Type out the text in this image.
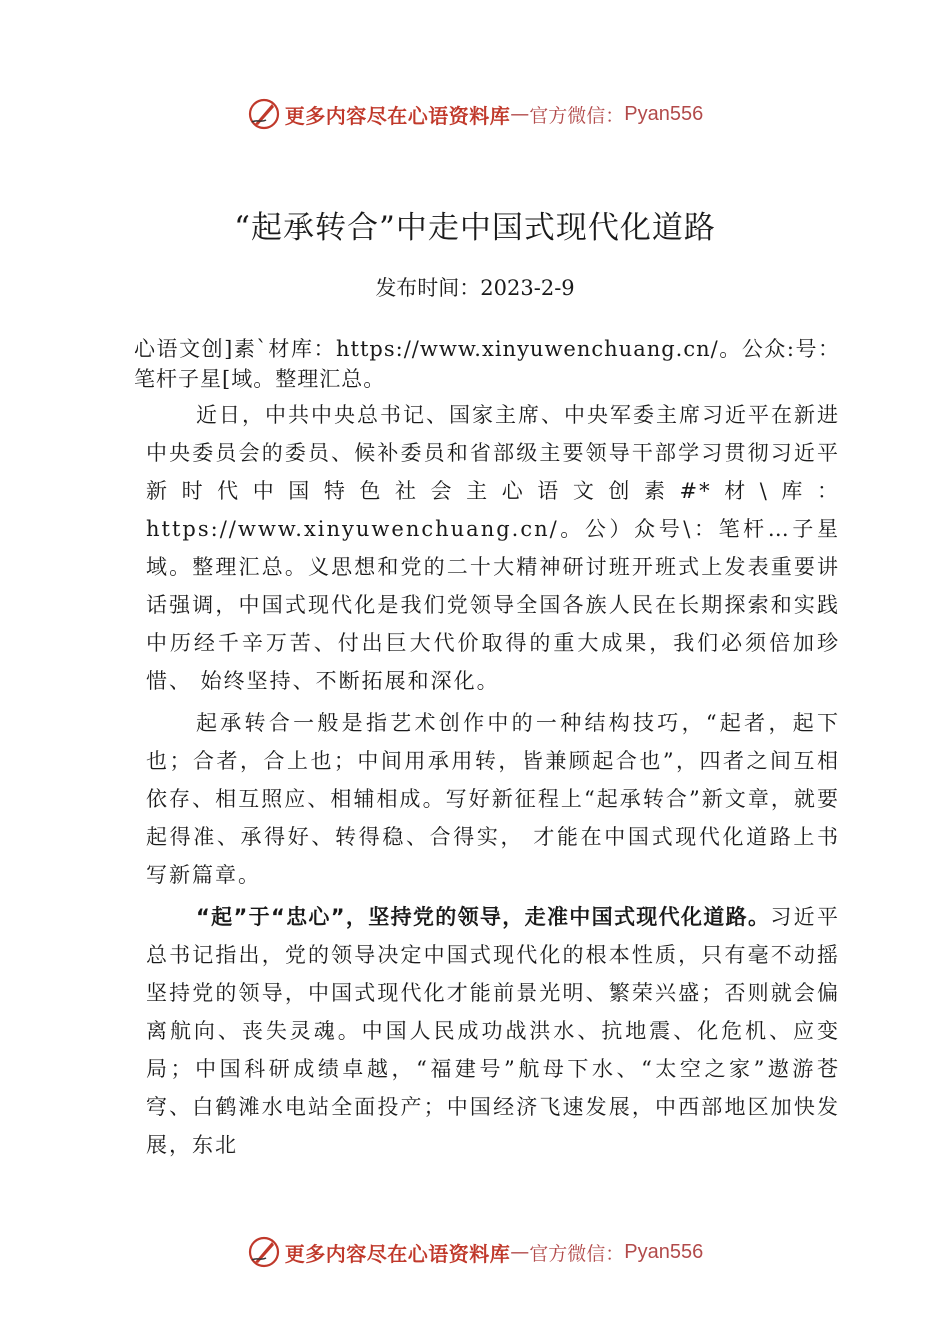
更多内容尽在心语资料库 — 官方微信： Pyan556
“起承转合”中走中国式现代化道路

发布时间：2023-2-9

心语文创]素`材库：https://www.xinyuwenchuang.cn/。公众:号：笔杆子星[域。整理汇总。

近日，中共中央总书记、国家主席、中央军委主席习近平在新进中央委员会的委员、候补委员和省部级主要领导干部学习贯彻习近平新时代中国特色社会主心语文创素#*材\库：https://www.xinyuwenchuang.cn/。公）众号\：笔杆…子星域。整理汇总。义思想和党的二十大精神研讨班开班式上发表重要讲话强调，中国式现代化是我们党领导全国各族人民在长期探索和实践中历经千辛万苦、付出巨大代价取得的重大成果，我们必须倍加珍惜、 始终坚持、不断拓展和深化。

起承转合一般是指艺术创作中的一种结构技巧，“起者，起下也；合者，合上也；中间用承用转，皆兼顾起合也”，四者之间互相依存、相互照应、相辅相成。写好新征程上“起承转合”新文章，就要起得准、承得好、转得稳、合得实， 才能在中国式现代化道路上书写新篇章。

“起”于“忠心”，坚持党的领导，走准中国式现代化道路。习近平总书记指出，党的领导决定中国式现代化的根本性质，只有毫不动摇坚持党的领导，中国式现代化才能前景光明、繁荣兴盛；否则就会偏离航向、丧失灵魂。中国人民成功战洪水、抗地震、化危机、应变局；中国科研成绩卓越，“福建号”航母下水、“太空之家”遨游苍穹、白鹤滩水电站全面投产；中国经济飞速发展，中西部地区加快发展，东北

更多内容尽在心语资料库 — 官方微信： Pyan556
